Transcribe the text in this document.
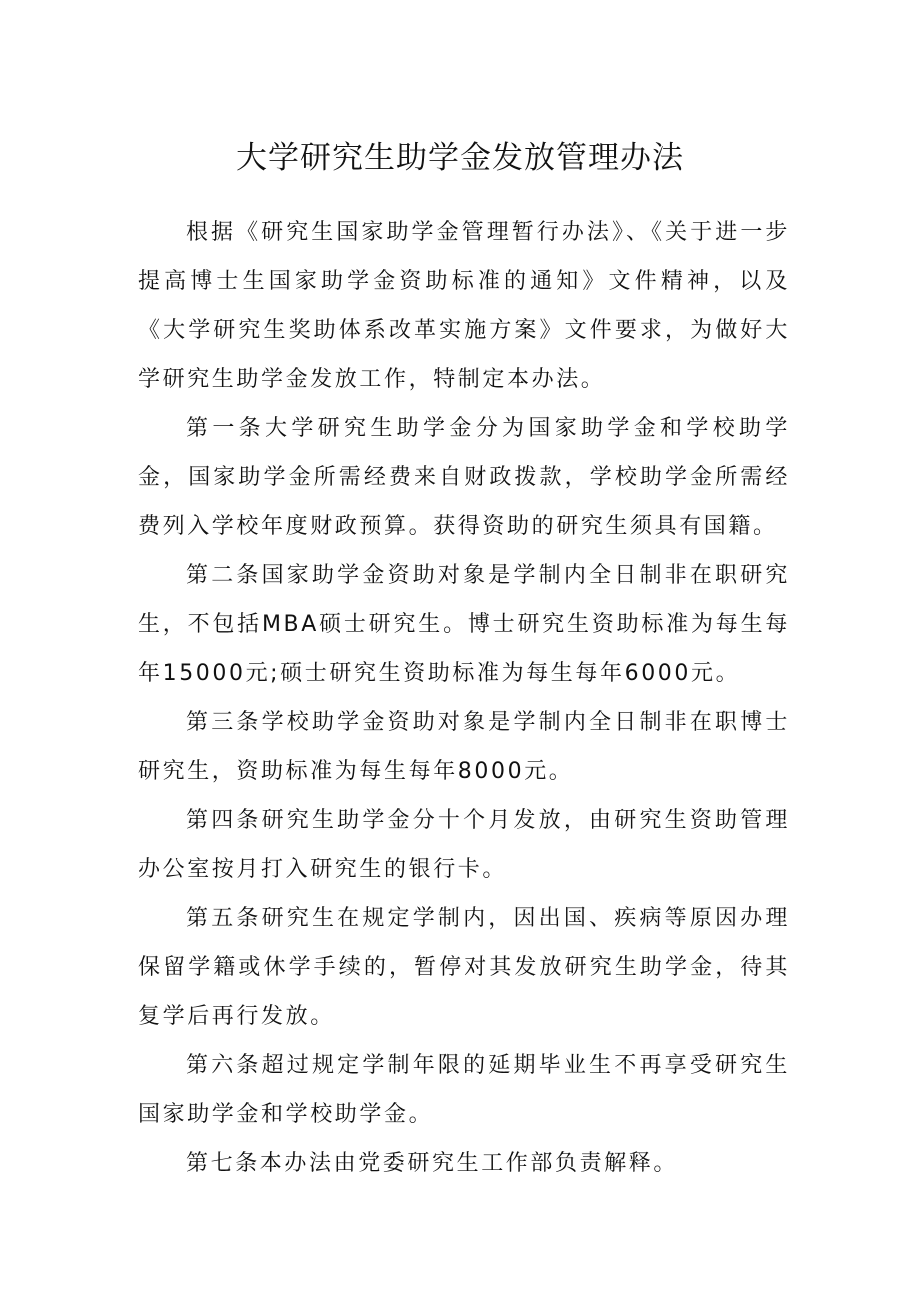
大学研究生助学金发放管理办法

根据《研究生国家助学金管理暂行办法》、《关于进一步提高博士生国家助学金资助标准的通知》文件精神，以及《大学研究生奖助体系改革实施方案》文件要求，为做好大学研究生助学金发放工作，特制定本办法。

第一条大学研究生助学金分为国家助学金和学校助学金，国家助学金所需经费来自财政拨款，学校助学金所需经费列入学校年度财政预算。获得资助的研究生须具有国籍。

第二条国家助学金资助对象是学制内全日制非在职研究生，不包括MBA硕士研究生。博士研究生资助标准为每生每年15000元;硕士研究生资助标准为每生每年6000元。

第三条学校助学金资助对象是学制内全日制非在职博士研究生，资助标准为每生每年8000元。

第四条研究生助学金分十个月发放，由研究生资助管理办公室按月打入研究生的银行卡。

第五条研究生在规定学制内，因出国、疾病等原因办理保留学籍或休学手续的，暂停对其发放研究生助学金，待其复学后再行发放。

第六条超过规定学制年限的延期毕业生不再享受研究生国家助学金和学校助学金。

第七条本办法由党委研究生工作部负责解释。
